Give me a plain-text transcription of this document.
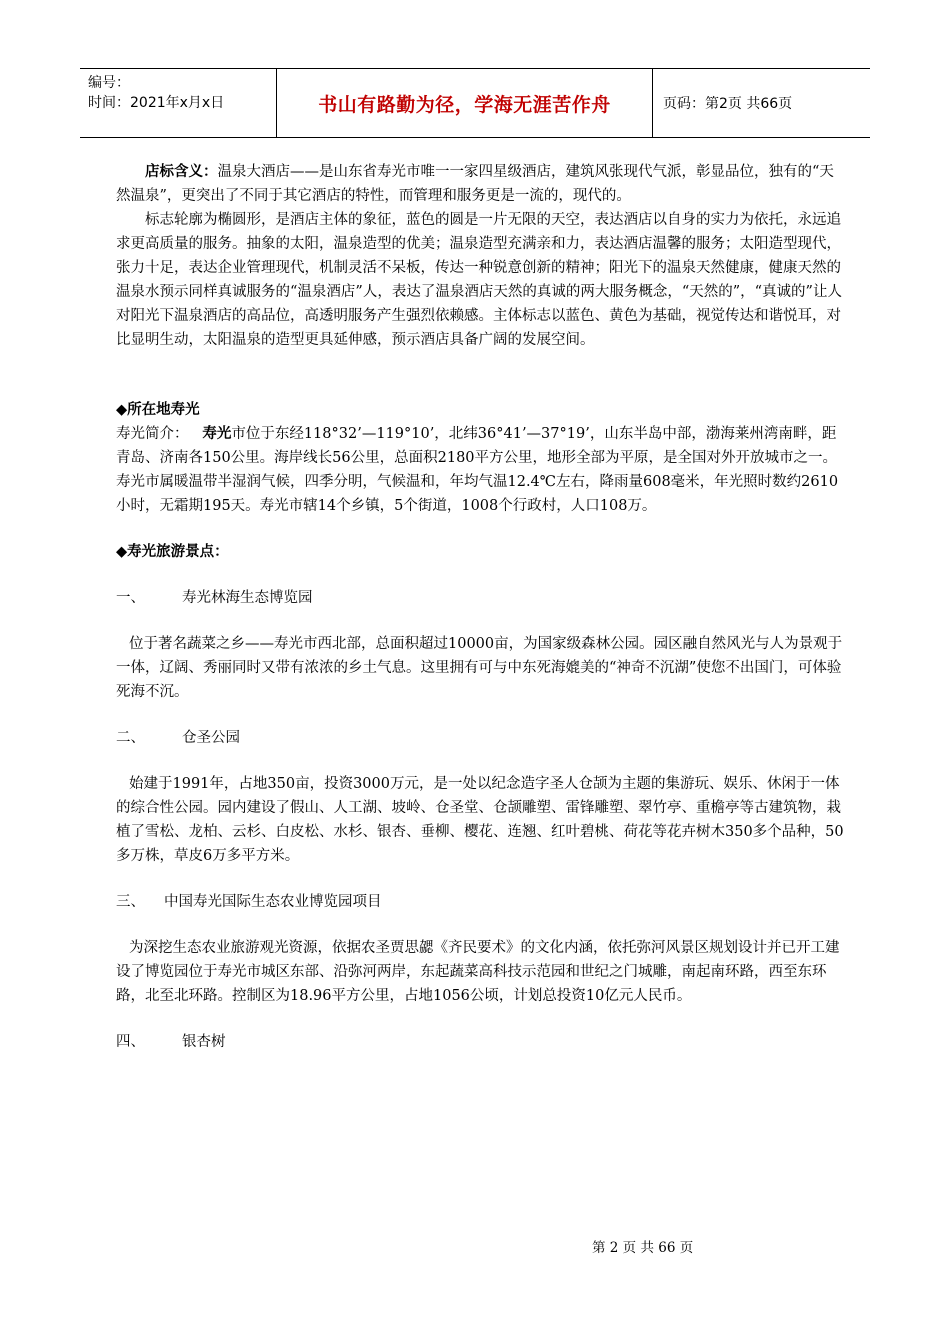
编号：
时间：2021年x月x日	书山有路勤为径，学海无涯苦作舟	页码：第2页 共66页

店标含义：温泉大酒店——是山东省寿光市唯一一家四星级酒店，建筑风张现代气派，彰显品位，独有的“天然温泉”，更突出了不同于其它酒店的特性，而管理和服务更是一流的，现代的。

标志轮廓为椭圆形，是酒店主体的象征，蓝色的圆是一片无限的天空，表达酒店以自身的实力为依托，永远追求更高质量的服务。抽象的太阳，温泉造型的优美；温泉造型充满亲和力，表达酒店温馨的服务；太阳造型现代，张力十足，表达企业管理现代，机制灵活不呆板，传达一种锐意创新的精神；阳光下的温泉天然健康，健康天然的温泉水预示同样真诚服务的“温泉酒店”人，表达了温泉酒店天然的真诚的两大服务概念，“天然的”，“真诚的”让人对阳光下温泉酒店的高品位，高透明服务产生强烈依赖感。主体标志以蓝色、黄色为基础，视觉传达和谐悦耳，对比显明生动，太阳温泉的造型更具延伸感，预示酒店具备广阔的发展空间。

◆所在地寿光

寿光简介： 寿光市位于东经118°32’—119°10’，北纬36°41’—37°19’，山东半岛中部，渤海莱州湾南畔，距青岛、济南各150公里。海岸线长56公里，总面积2180平方公里，地形全部为平原，是全国对外开放城市之一。寿光市属暖温带半湿润气候，四季分明，气候温和，年均气温12.4℃左右，降雨量608毫米，年光照时数约2610小时，无霜期195天。寿光市辖14个乡镇，5个街道，1008个行政村，人口108万。

◆寿光旅游景点：

一、	寿光林海生态博览园

位于著名蔬菜之乡——寿光市西北部，总面积超过10000亩，为国家级森林公园。园区融自然风光与人为景观于一体，辽阔、秀丽同时又带有浓浓的乡土气息。这里拥有可与中东死海媲美的“神奇不沉湖”使您不出国门，可体验死海不沉。

二、	仓圣公园

始建于1991年，占地350亩，投资3000万元，是一处以纪念造字圣人仓颉为主题的集游玩、娱乐、休闲于一体的综合性公园。园内建设了假山、人工湖、坡岭、仓圣堂、仓颉雕塑、雷锋雕塑、翠竹亭、重檐亭等古建筑物，栽植了雪松、龙柏、云杉、白皮松、水杉、银杏、垂柳、樱花、连翘、红叶碧桃、荷花等花卉树木350多个品种，50多万株，草皮6万多平方米。

三、	中国寿光国际生态农业博览园项目

为深挖生态农业旅游观光资源，依据农圣贾思勰《齐民要术》的文化内涵，依托弥河风景区规划设计并已开工建设了博览园位于寿光市城区东部、沿弥河两岸，东起蔬菜高科技示范园和世纪之门城雕，南起南环路，西至东环路，北至北环路。控制区为18.96平方公里，占地1056公顷，计划总投资10亿元人民币。

四、	银杏树
第 2 页 共 66 页
